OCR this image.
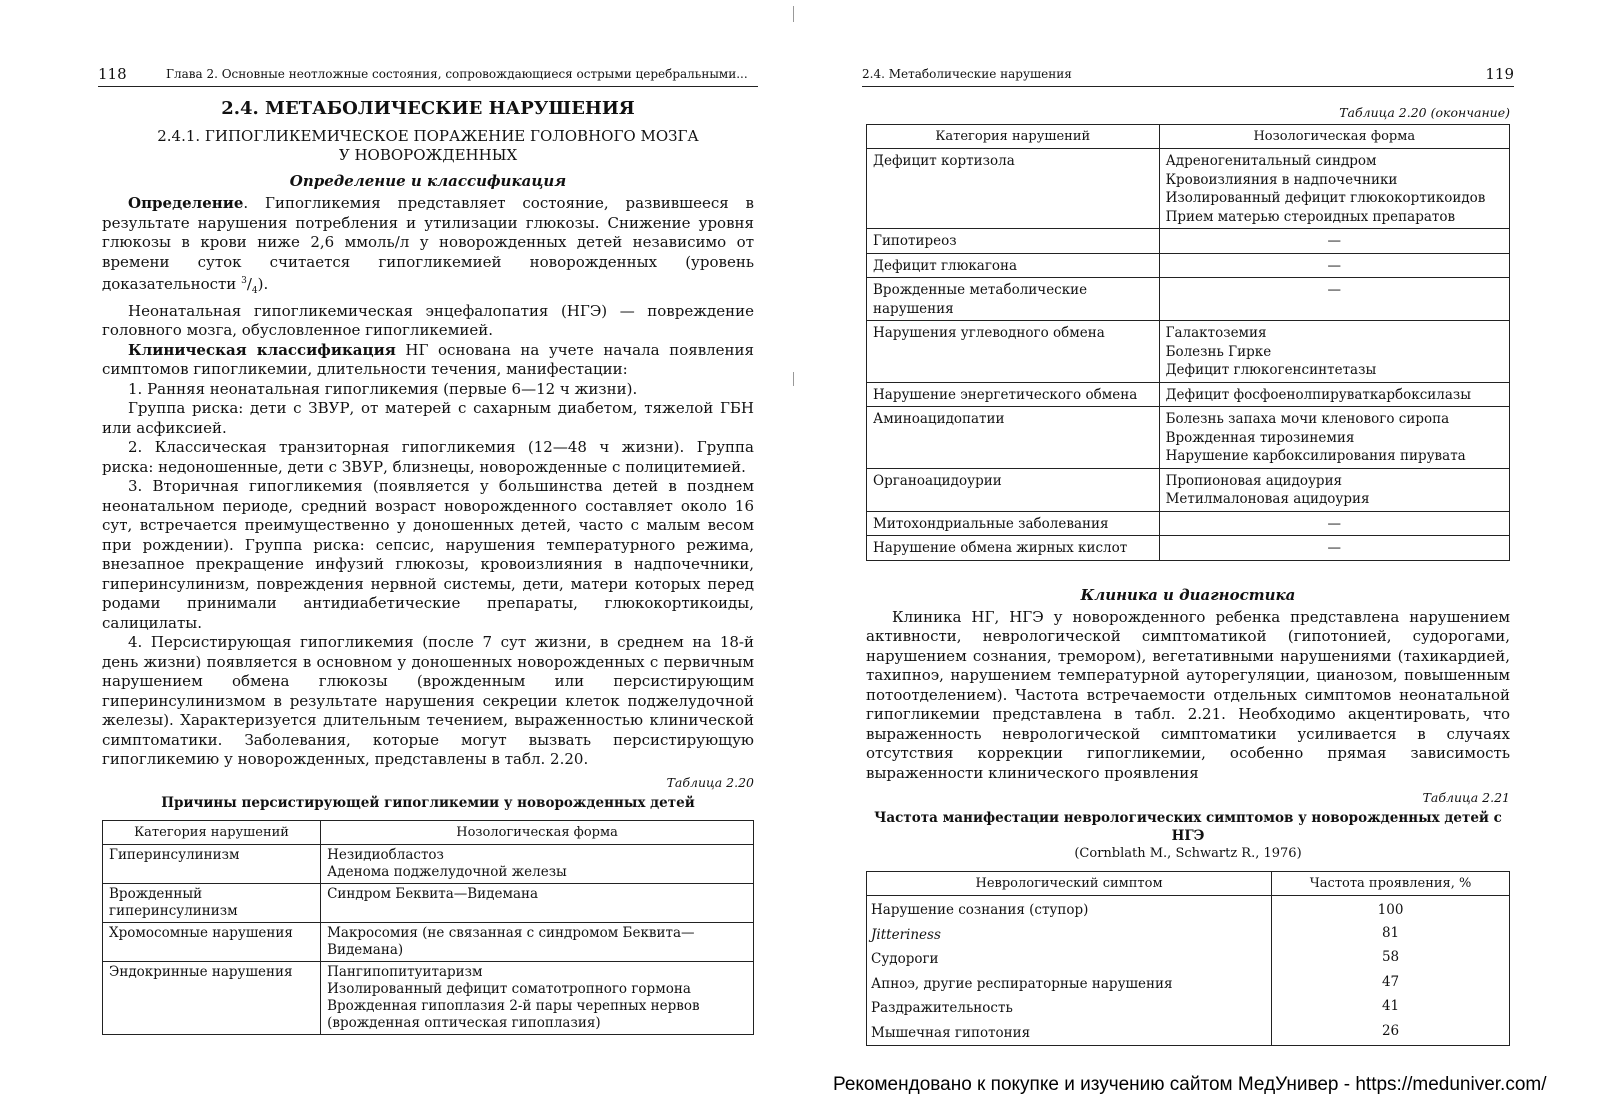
118	Глава 2. Основные неотложные состояния, сопровождающиеся острыми церебральными...
2.4. МЕТАБОЛИЧЕСКИЕ НАРУШЕНИЯ
2.4.1. ГИПОГЛИКЕМИЧЕСКОЕ ПОРАЖЕНИЕ ГОЛОВНОГО МОЗГА
У НОВОРОЖДЕННЫХ
Определение и классификация

Определение. Гипогликемия представляет состояние, развившееся в результате нарушения потребления и утилизации глюкозы. Снижение уровня глюкозы в крови ниже 2,6 ммоль/л у новорожденных детей независимо от времени суток считается гипогликемией новорожденных (уровень доказательности $^3/_4$).

Неонатальная гипогликемическая энцефалопатия (НГЭ) — повреждение головного мозга, обусловленное гипогликемией.

Клиническая классификация НГ основана на учете начала появления симптомов гипогликемии, длительности течения, манифестации:

1. Ранняя неонатальная гипогликемия (первые 6—12 ч жизни).

Группа риска: дети с ЗВУР, от матерей с сахарным диабетом, тяжелой ГБН или асфиксией.

2. Классическая транзиторная гипогликемия (12—48 ч жизни). Группа риска: недоношенные, дети с ЗВУР, близнецы, новорожденные с полицитемией.

3. Вторичная гипогликемия (появляется у большинства детей в позднем неонатальном периоде, средний возраст новорожденного составляет около 16 сут, встречается преимущественно у доношенных детей, часто с малым весом при рождении). Группа риска: сепсис, нарушения температурного режима, внезапное прекращение инфузий глюкозы, кровоизлияния в надпочечники, гиперинсулинизм, повреждения нервной системы, дети, матери которых перед родами принимали антидиабетические препараты, глюкокортикоиды, салицилаты.

4. Персистирующая гипогликемия (после 7 сут жизни, в среднем на 18-й день жизни) появляется в основном у доношенных новорожденных с первичным нарушением обмена глюкозы (врожденным или персистирующим гиперинсулинизмом в результате нарушения секреции клеток поджелудочной железы). Характеризуется длительным течением, выраженностью клинической симптоматики. Заболевания, которые могут вызвать персистирующую гипогликемию у новорожденных, представлены в табл. 2.20.

Таблица 2.20
Причины персистирующей гипогликемии у новорожденных детей
Категория нарушений	Нозологическая форма
Гиперинсулинизм	Незидиобластоз
Аденома поджелудочной железы

Врожденный гиперинсулинизм	Синдром Беквита—Видемана

Хромосомные нарушения	Макросомия (не связанная с синдромом Беквита—Видемана)

Эндокринные нарушения	Пангипопитуитаризм
Изолированный дефицит соматотропного гормона
Врожденная гипоплазия 2-й пары черепных нервов
(врожденная оптическая гипоплазия)
2.4. Метаболические нарушения	119
Таблица 2.20 (окончание)
Категория нарушений	Нозологическая форма
Дефицит кортизола	Адреногенитальный синдром
Кровоизлияния в надпочечники
Изолированный дефицит глюкокортикоидов
Прием матерью стероидных препаратов

Гипотиреоз	—

Дефицит глюкагона	—

Врожденные метаболические нарушения	—

Нарушения углеводного обмена	Галактоземия
Болезнь Гирке
Дефицит глюкогенсинтетазы

Нарушение энергетического обмена	Дефицит фосфоенолпируваткарбоксилазы

Аминоацидопатии	Болезнь запаха мочи кленового сиропа
Врожденная тирозинемия
Нарушение карбоксилирования пирувата

Органоацидоурии	Пропионовая ацидоурия
Метилмалоновая ацидоурия

Митохондриальные заболевания	—

Нарушение обмена жирных кислот	—
Клиника и диагностика

Клиника НГ, НГЭ у новорожденного ребенка представлена нарушением активности, неврологической симптоматикой (гипотонией, судорогами, нарушением сознания, тремором), вегетативными нарушениями (тахикардией, тахипноэ, нарушением температурной ауторегуляции, цианозом, повышенным потоотделением). Частота встречаемости отдельных симптомов неонатальной гипогликемии представлена в табл. 2.21. Необходимо акцентировать, что выраженность неврологической симптоматики усиливается в случаях отсутствия коррекции гипогликемии, особенно прямая зависимость выраженности клинического проявления

Таблица 2.21
Частота манифестации неврологических симптомов у новорожденных детей с НГЭ
(Cornblath M., Schwartz R., 1976)
Неврологический симптом	Частота проявления, %
Нарушение сознания (ступор)	100
Jitteriness	81
Судороги	58
Апноэ, другие респираторные нарушения	47
Раздражительность	41
Мышечная гипотония	26
Рекомендовано к покупке и изучению сайтом МедУнивер - https://meduniver.com/
